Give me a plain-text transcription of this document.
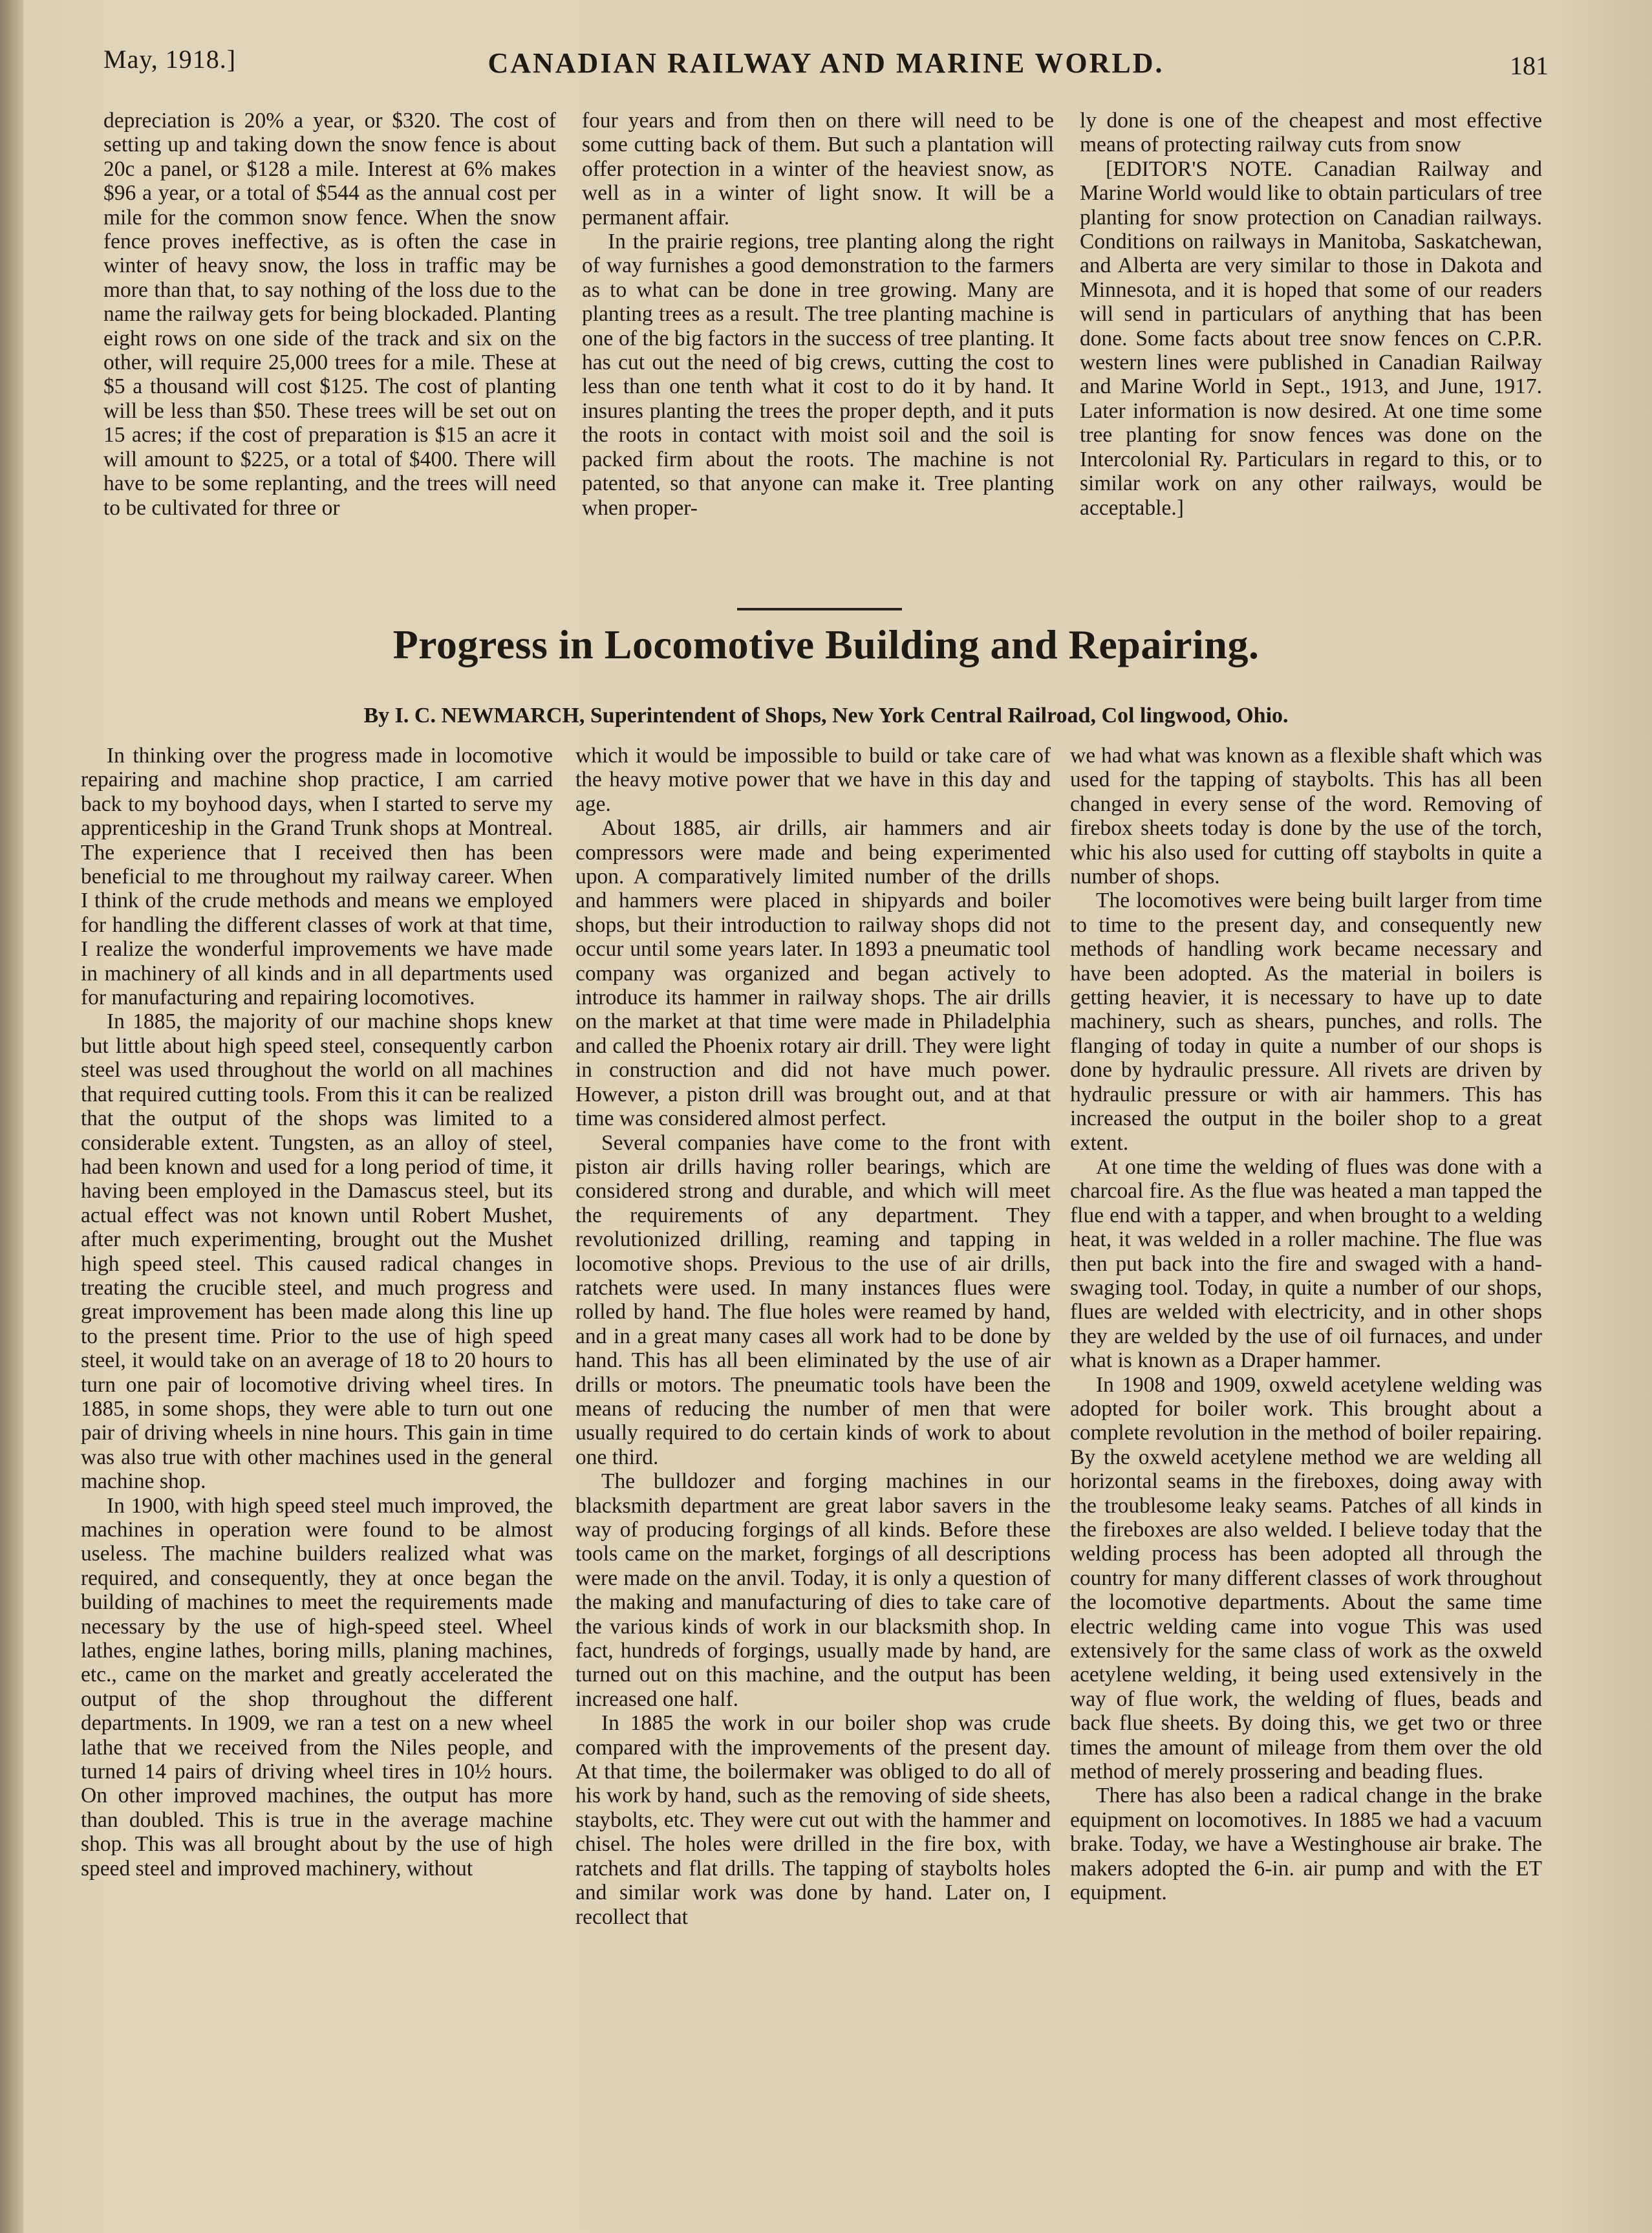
May, 1918.]	CANADIAN RAILWAY AND MARINE WORLD.	181

depreciation is 20% a year, or $320. The cost of setting up and taking down the snow fence is about 20c a panel, or $128 a mile. Interest at 6% makes $96 a year, or a total of $544 as the annual cost per mile for the common snow fence. When the snow fence proves ineffective, as is often the case in winter of heavy snow, the loss in traffic may be more than that, to say nothing of the loss due to the name the railway gets for being blockaded. Planting eight rows on one side of the track and six on the other, will require 25,000 trees for a mile. These at $5 a thousand will cost $125. The cost of planting will be less than $50. These trees will be set out on 15 acres; if the cost of preparation is $15 an acre it will amount to $225, or a total of $400. There will have to be some replanting, and the trees will need to be cultivated for three or

four years and from then on there will need to be some cutting back of them. But such a plantation will offer protection in a winter of the heaviest snow, as well as in a winter of light snow. It will be a permanent affair.

In the prairie regions, tree planting along the right of way furnishes a good demonstration to the farmers as to what can be done in tree growing. Many are planting trees as a result. The tree planting machine is one of the big factors in the success of tree planting. It has cut out the need of big crews, cutting the cost to less than one tenth what it cost to do it by hand. It insures planting the trees the proper depth, and it puts the roots in contact with moist soil and the soil is packed firm about the roots. The machine is not patented, so that anyone can make it. Tree planting when proper-

ly done is one of the cheapest and most effective means of protecting railway cuts from snow

[EDITOR'S NOTE. Canadian Railway and Marine World would like to obtain particulars of tree planting for snow protection on Canadian railways. Conditions on railways in Manitoba, Saskatchewan, and Alberta are very similar to those in Dakota and Minnesota, and it is hoped that some of our readers will send in particulars of anything that has been done. Some facts about tree snow fences on C.P.R. western lines were published in Canadian Railway and Marine World in Sept., 1913, and June, 1917. Later information is now desired. At one time some tree planting for snow fences was done on the Intercolonial Ry. Particulars in regard to this, or to similar work on any other railways, would be acceptable.]

Progress in Locomotive Building and Repairing.
By I. C. NEWMARCH, Superintendent of Shops, New York Central Railroad, Col lingwood, Ohio.

In thinking over the progress made in locomotive repairing and machine shop practice, I am carried back to my boyhood days, when I started to serve my apprenticeship in the Grand Trunk shops at Montreal. The experience that I received then has been beneficial to me throughout my railway career. When I think of the crude methods and means we employed for handling the different classes of work at that time, I realize the wonderful improvements we have made in machinery of all kinds and in all departments used for manufacturing and repairing locomotives.

In 1885, the majority of our machine shops knew but little about high speed steel, consequently carbon steel was used throughout the world on all machines that required cutting tools. From this it can be realized that the output of the shops was limited to a considerable extent. Tungsten, as an alloy of steel, had been known and used for a long period of time, it having been employed in the Damascus steel, but its actual effect was not known until Robert Mushet, after much experimenting, brought out the Mushet high speed steel. This caused radical changes in treating the crucible steel, and much progress and great improvement has been made along this line up to the present time. Prior to the use of high speed steel, it would take on an average of 18 to 20 hours to turn one pair of locomotive driving wheel tires. In 1885, in some shops, they were able to turn out one pair of driving wheels in nine hours. This gain in time was also true with other machines used in the general machine shop.

In 1900, with high speed steel much improved, the machines in operation were found to be almost useless. The machine builders realized what was required, and consequently, they at once began the building of machines to meet the requirements made necessary by the use of high-speed steel. Wheel lathes, engine lathes, boring mills, planing machines, etc., came on the market and greatly accelerated the output of the shop throughout the different departments. In 1909, we ran a test on a new wheel lathe that we received from the Niles people, and turned 14 pairs of driving wheel tires in 10½ hours. On other improved machines, the output has more than doubled. This is true in the average machine shop. This was all brought about by the use of high speed steel and improved machinery, without

which it would be impossible to build or take care of the heavy motive power that we have in this day and age.

About 1885, air drills, air hammers and air compressors were made and being experimented upon. A comparatively limited number of the drills and hammers were placed in shipyards and boiler shops, but their introduction to railway shops did not occur until some years later. In 1893 a pneumatic tool company was organized and began actively to introduce its hammer in railway shops. The air drills on the market at that time were made in Philadelphia and called the Phoenix rotary air drill. They were light in construction and did not have much power. However, a piston drill was brought out, and at that time was considered almost perfect.

Several companies have come to the front with piston air drills having roller bearings, which are considered strong and durable, and which will meet the requirements of any department. They revolutionized drilling, reaming and tapping in locomotive shops. Previous to the use of air drills, ratchets were used. In many instances flues were rolled by hand. The flue holes were reamed by hand, and in a great many cases all work had to be done by hand. This has all been eliminated by the use of air drills or motors. The pneumatic tools have been the means of reducing the number of men that were usually required to do certain kinds of work to about one third.

The bulldozer and forging machines in our blacksmith department are great labor savers in the way of producing forgings of all kinds. Before these tools came on the market, forgings of all descriptions were made on the anvil. Today, it is only a question of the making and manufacturing of dies to take care of the various kinds of work in our blacksmith shop. In fact, hundreds of forgings, usually made by hand, are turned out on this machine, and the output has been increased one half.

In 1885 the work in our boiler shop was crude compared with the improvements of the present day. At that time, the boilermaker was obliged to do all of his work by hand, such as the removing of side sheets, staybolts, etc. They were cut out with the hammer and chisel. The holes were drilled in the fire box, with ratchets and flat drills. The tapping of staybolts holes and similar work was done by hand. Later on, I recollect that

we had what was known as a flexible shaft which was used for the tapping of staybolts. This has all been changed in every sense of the word. Removing of firebox sheets today is done by the use of the torch, whic his also used for cutting off staybolts in quite a number of shops.

The locomotives were being built larger from time to time to the present day, and consequently new methods of handling work became necessary and have been adopted. As the material in boilers is getting heavier, it is necessary to have up to date machinery, such as shears, punches, and rolls. The flanging of today in quite a number of our shops is done by hydraulic pressure. All rivets are driven by hydraulic pressure or with air hammers. This has increased the output in the boiler shop to a great extent.

At one time the welding of flues was done with a charcoal fire. As the flue was heated a man tapped the flue end with a tapper, and when brought to a welding heat, it was welded in a roller machine. The flue was then put back into the fire and swaged with a hand-swaging tool. Today, in quite a number of our shops, flues are welded with electricity, and in other shops they are welded by the use of oil furnaces, and under what is known as a Draper hammer.

In 1908 and 1909, oxweld acetylene welding was adopted for boiler work. This brought about a complete revolution in the method of boiler repairing. By the oxweld acetylene method we are welding all horizontal seams in the fireboxes, doing away with the troublesome leaky seams. Patches of all kinds in the fireboxes are also welded. I believe today that the welding process has been adopted all through the country for many different classes of work throughout the locomotive departments. About the same time electric welding came into vogue This was used extensively for the same class of work as the oxweld acetylene welding, it being used extensively in the way of flue work, the welding of flues, beads and back flue sheets. By doing this, we get two or three times the amount of mileage from them over the old method of merely prossering and beading flues.

There has also been a radical change in the brake equipment on locomotives. In 1885 we had a vacuum brake. Today, we have a Westinghouse air brake. The makers adopted the 6-in. air pump and with the ET equipment.
